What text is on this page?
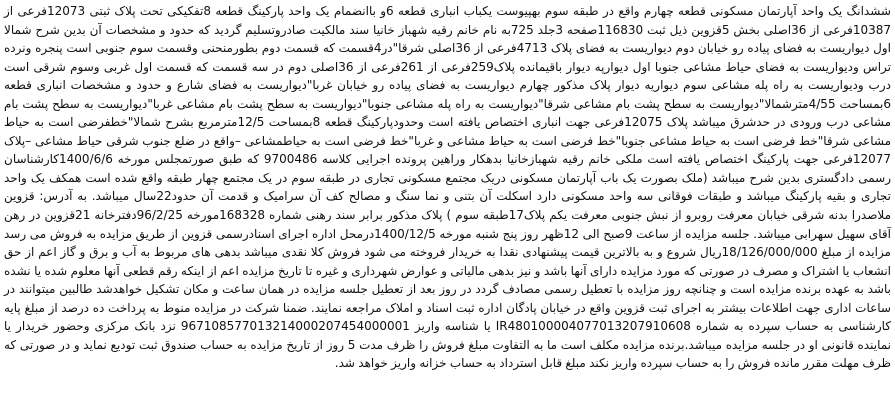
ششدانگ یک واحد آپارتمان مسکونی قطعه چهارم واقع در طبقه سوم بهپیوست یکباب انباری قطعه 6و باانضمام یک واحد پارکینگ قطعه 8تفکیکی تحت پلاک ثبتی 12073فرعی از 10387فرعی از 36اصلی بخش 5قزوین ذیل ثبت 116830صفحه 3جلد 725به نام خانم رقیه شهباز خانیا سند مالکیت صادروتسلیم گردید که حدود و مشخصات آن بدین شرح شمالا اول دیواریست به فضای پیاده رو خیابان دوم دیواریست به فضای پلاک 4713فرعی از 36اصلی شرقا"در4قسمت که قسمت دوم بطورمنحنی وقسمت سوم جنوبی است پنجره ونرده تراس ودیواریست به فضای حیاط مشاعی جنوبا اول دیوارپه دیوار باقیمانده پلاک259فرعی از 261فرعی از 36اصلی دوم در سه قسمت که قسمت اول غربی وسوم شرقی است درب ودیواریست به راه پله مشاعی سوم دیواریه دیوار پلاک مذکور چهارم دیواریست به فضای پیاده رو خیابان غربا"دیواریست به فضای شارع و حدود و مشخصات انباری قطعه 6بمساحت 4/55مترشمالا"دیواریست به سطح پشت بام مشاعی شرقا"دیواریست به راه پله مشاعی جنوبا"دیواریست به سطح پشت بام مشاعی غربا"دیواریست به سطح پشت بام مشاعی درب ورودی در حدشرق میباشد پلاک 12075فرعی جهت انباری اختصاص یافته است وحدودپارکینگ قطعه 8بمساحت 12/5مترمربع بشرح شمالا"خطفرضی است به حیاط مشاعی شرقا"خط فرضی است به حیاط مشاعی جنوبا"خط فرضی است به حیاط مشاعی و غربا"خط فرضی است به حیاطمشاعی –واقع در ضلع جنوب شرقی حیاط مشاعی –پلاک 12077فرعی جهت پارکینگ اختصاص یافته است ملکی خانم رقیه شهبازخانیا بدهکار وراهین پرونده اجرایی کلاسه 9700486 که طبق صورتمجلس مورخه 1400/6/6کارشناسان رسمی دادگستری بدین شرح میباشد (ملک بصورت یک باب آپارتمان مسکونی دریک مجتمع مسکونی تجاری در طبقه سوم در یک مجتمع چهار طبقه واقع شده است همکف یک واحد تجاری و بقیه پارکینگ میباشد و طبقات فوقانی سه واحد مسکونی دارد اسکلت آن بتنی و نما سنگ و مصالح کف آن سرامیک و قدمت آن حدود22سال میباشد. به آدرس: قزوین ملاصدرا بدنه شرقی خیابان معرفت روبرو از نبش جنوبی معرفت یکم پلاک17طبقه سوم ) پلاک مذکور برابر سند رهنی شماره 168328مورخه 96/2/25دفترخانه 21قزوین در رهن آقای سهیل سهرابی میباشد. جلسه مزایده از ساعت 9صبح الی 12ظهر روز پنج شنبه مورخه 1400/12/5درمحل اداره اجرای اسنادرسمی قزوین از طریق مزایده به فروش می رسد مزایده از مبلغ 18/126/000/000ریال شروع و به بالاترین قیمت پیشنهادی نقدا به خریدار فروخته می شود فروش کلا نقدی میباشد بدهی های مربوط به آب و برق و گاز اعم از حق انشعاب یا اشتراک و مصرف در صورتی که مورد مزایده دارای آنها باشد و نیز بدهی مالیاتی و عوارض شهرداری و غیره تا تاریخ مزایده اعم از اینکه رقم قطعی آنها معلوم شده یا نشده باشد به عهده برنده مزایده است و چنانچه روز مزایده با تعطیل رسمی مصادف گردد در روز بعد از تعطیل جلسه مزایده در همان ساعت و مکان تشکیل خواهدشد طالبین میتوانند در ساعات اداری جهت اطلاعات بیشتر به اجرای ثبت قزوین واقع در خیابان پادگان اداره ثبت اسناد و املاک مراجعه نمایند. ضمنا شرکت در مزایده منوط به پرداخت ده درصد از مبلغ پایه کارشناسی به حساب سپرده به شماره IR480100004077013207910608 یا شناسه واریز 967108577013214000207454000001 نزد بانک مرکزی وحضور خریدار یا نماینده قانونی او در جلسه مزایده میباشد.برنده مزایده مکلف است ما به التفاوت مبلغ فروش را ظرف مدت 5 روز از تاریخ مزایده به حساب صندوق ثبت تودیع نماید و در صورتی که ظرف مهلت مقرر مانده فروش را به حساب سپرده واریز نکند مبلغ قابل استرداد به حساب خزانه واریز خواهد شد.
